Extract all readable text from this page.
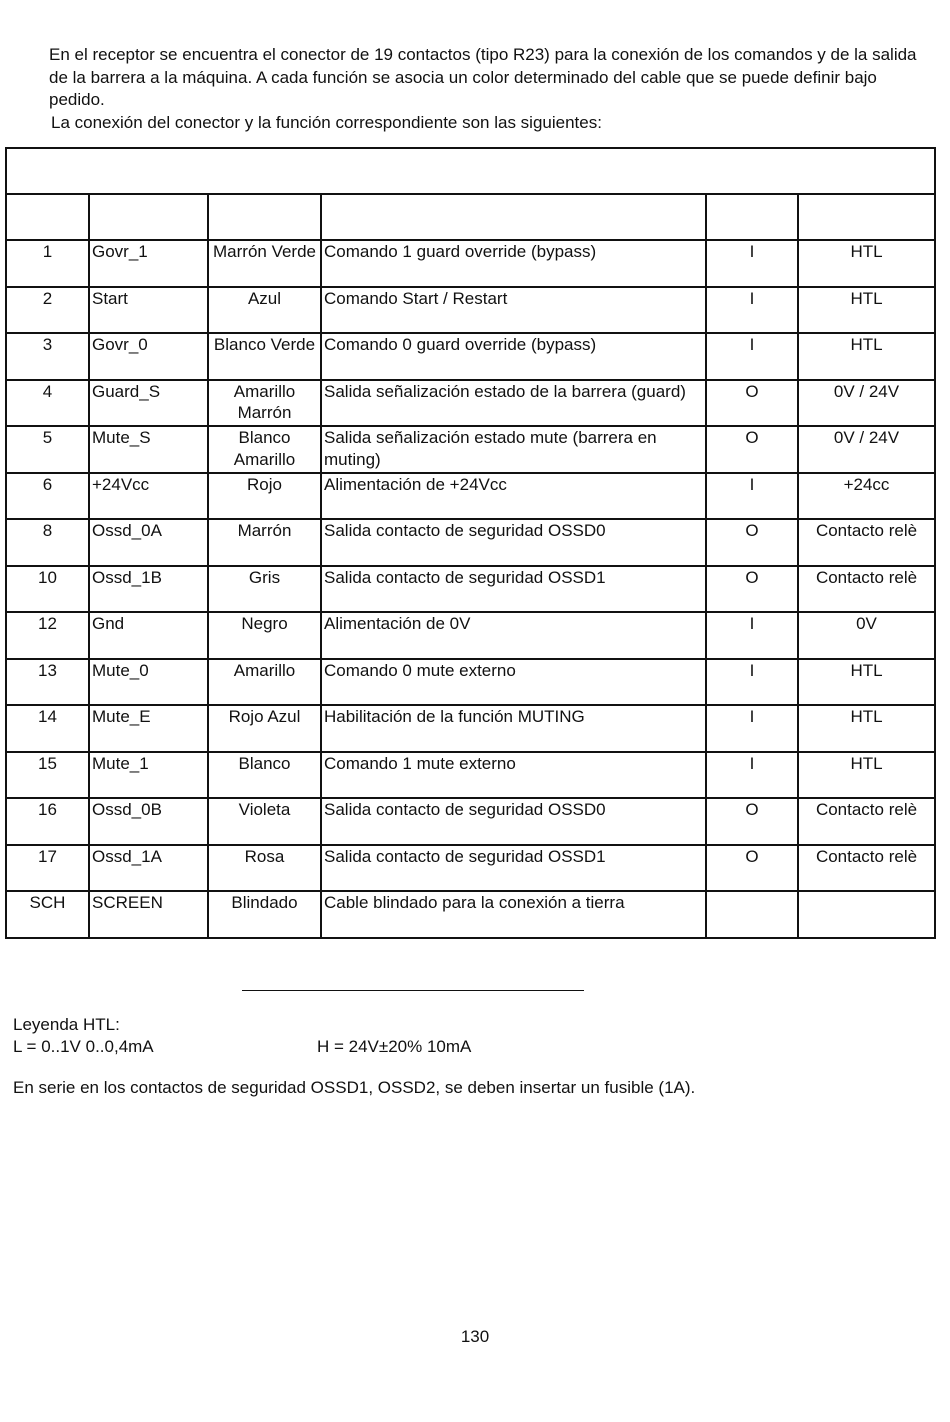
En el receptor se encuentra el conector de 19 contactos (tipo R23) para la conexión de los comandos y de la salida de la barrera a la máquina. A cada función se asocia un color determinado del cable que se puede definir bajo pedido.

La conexión del conector y la función correspondiente son las siguientes:

1	Govr_1	Marrón Verde	Comando 1 guard override (bypass)	I	HTL
2	Start	Azul	Comando Start / Restart	I	HTL
3	Govr_0	Blanco Verde	Comando 0 guard override (bypass)	I	HTL
4	Guard_S	Amarillo Marrón	Salida señalización estado de la barrera (guard)	O	0V / 24V
5	Mute_S	Blanco Amarillo	Salida señalización estado mute (barrera en muting)	O	0V / 24V
6	+24Vcc	Rojo	Alimentación de +24Vcc	I	+24cc
8	Ossd_0A	Marrón	Salida contacto de seguridad OSSD0	O	Contacto relè
10	Ossd_1B	Gris	Salida contacto de seguridad OSSD1	O	Contacto relè
12	Gnd	Negro	Alimentación de 0V	I	0V
13	Mute_0	Amarillo	Comando 0 mute externo	I	HTL
14	Mute_E	Rojo Azul	Habilitación de la función MUTING	I	HTL
15	Mute_1	Blanco	Comando 1 mute externo	I	HTL
16	Ossd_0B	Violeta	Salida contacto de seguridad OSSD0	O	Contacto relè
17	Ossd_1A	Rosa	Salida contacto de seguridad OSSD1	O	Contacto relè
SCH	SCREEN	Blindado	Cable blindado para la conexión a tierra		
Leyenda HTL:
L = 0..1V 0..0,4mA	H = 24V±20% 10mA
En serie en los contactos de seguridad OSSD1, OSSD2, se deben insertar un fusible (1A).
130
